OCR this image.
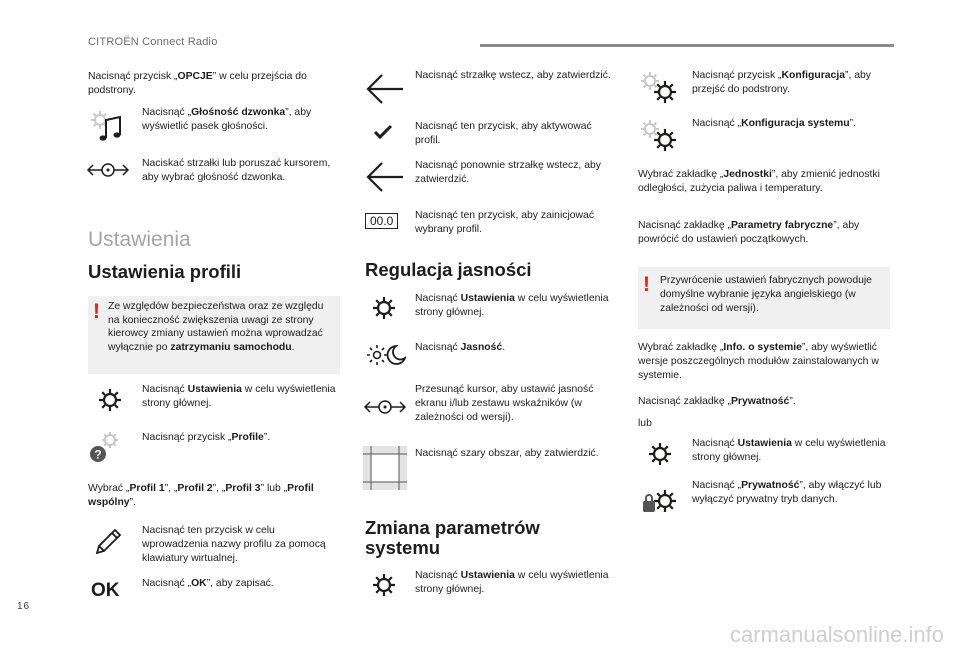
CITROËN Connect Radio
Nacisnąć przycisk „OPCJE” w celu przejścia do podstrony.
Nacisnąć „Głośność dzwonka”, aby wyświetlić pasek głośności.
Naciskać strzałki lub poruszać kursorem, aby wybrać głośność dzwonka.
Ustawienia
Ustawienia profili
! Ze względów bezpieczeństwa oraz ze względu na konieczność zwiększenia uwagi ze strony kierowcy zmiany ustawień można wprowadzać wyłącznie po zatrzymaniu samochodu.
Nacisnąć Ustawienia w celu wyświetlenia strony głównej.
?
Nacisnąć przycisk „Profile”.
Wybrać „Profil 1”, „Profil 2”, „Profil 3” lub „Profil wspólny”.
Nacisnąć ten przycisk w celu wprowadzenia nazwy profilu za pomocą klawiatury wirtualnej.
OK Nacisnąć „OK”, aby zapisać.
Nacisnąć strzałkę wstecz, aby zatwierdzić.
Nacisnąć ten przycisk, aby aktywować profil.
Nacisnąć ponownie strzałkę wstecz, aby zatwierdzić.
00.0	Nacisnąć ten przycisk, aby zainicjować wybrany profil.
Regulacja jasności
Nacisnąć Ustawienia w celu wyświetlenia strony głównej.
Nacisnąć Jasność.
Przesunąć kursor, aby ustawić jasność ekranu i/lub zestawu wskaźników (w zależności od wersji).
Nacisnąć szary obszar, aby zatwierdzić.
Zmiana parametrów systemu
Nacisnąć Ustawienia w celu wyświetlenia strony głównej.
Nacisnąć przycisk „Konfiguracja”, aby przejść do podstrony.
Nacisnąć „Konfiguracja systemu”.
Wybrać zakładkę „Jednostki”, aby zmienić jednostki odległości, zużycia paliwa i temperatury.
Nacisnąć zakładkę „Parametry fabryczne”, aby powrócić do ustawień początkowych.
! Przywrócenie ustawień fabrycznych powoduje domyślne wybranie języka angielskiego (w zależności od wersji).
Wybrać zakładkę „Info. o systemie”, aby wyświetlić wersje poszczególnych modułów zainstalowanych w systemie.
Nacisnąć zakładkę „Prywatność”.
lub
Nacisnąć Ustawienia w celu wyświetlenia strony głównej.
Nacisnąć „Prywatność”, aby włączyć lub wyłączyć prywatny tryb danych.
16
carmanualsonline.info
